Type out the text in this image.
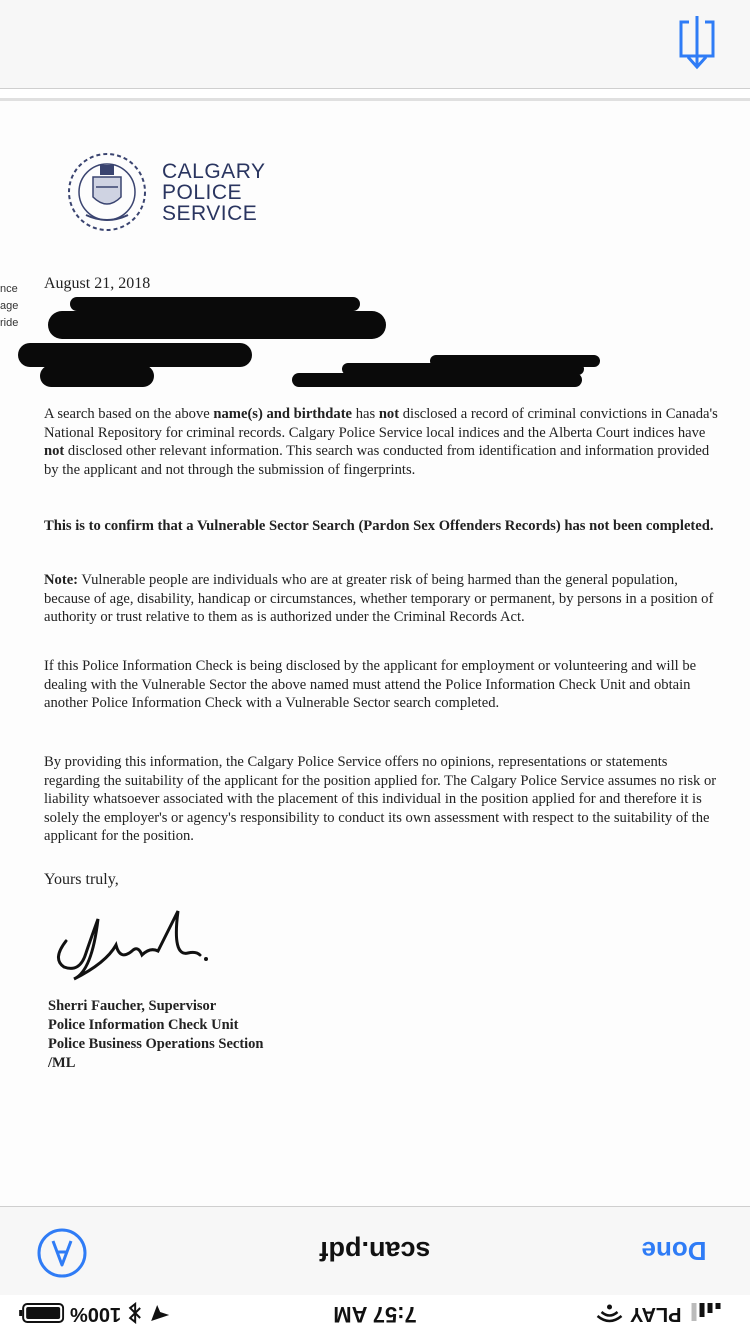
CALGARY
POLICE
SERVICE
nce
age
ride
August 21, 2018

A search based on the above name(s) and birthdate has not disclosed a record of criminal convictions in Canada's National Repository for criminal records. Calgary Police Service local indices and the Alberta Court indices have not disclosed other relevant information. This search was conducted from identification and information provided by the applicant and not through the submission of fingerprints.

This is to confirm that a Vulnerable Sector Search (Pardon Sex Offenders Records) has not been completed.

Note: Vulnerable people are individuals who are at greater risk of being harmed than the general population, because of age, disability, handicap or circumstances, whether temporary or permanent, by persons in a position of authority or trust relative to them as is authorized under the Criminal Records Act.

If this Police Information Check is being disclosed by the applicant for employment or volunteering and will be dealing with the Vulnerable Sector the above named must attend the Police Information Check Unit and obtain another Police Information Check with a Vulnerable Sector search completed.

By providing this information, the Calgary Police Service offers no opinions, representations or statements regarding the suitability of the applicant for the position applied for. The Calgary Police Service assumes no risk or liability whatsoever associated with the placement of this individual in the position applied for and therefore it is solely the employer's or agency's responsibility to conduct its own assessment with respect to the suitability of the applicant for the position.

Yours truly,
Sherri Faucher, Supervisor
Police Information Check Unit
Police Business Operations Section
/ML
scan.pdf	Done
100%	7:57 AM	PLAY
